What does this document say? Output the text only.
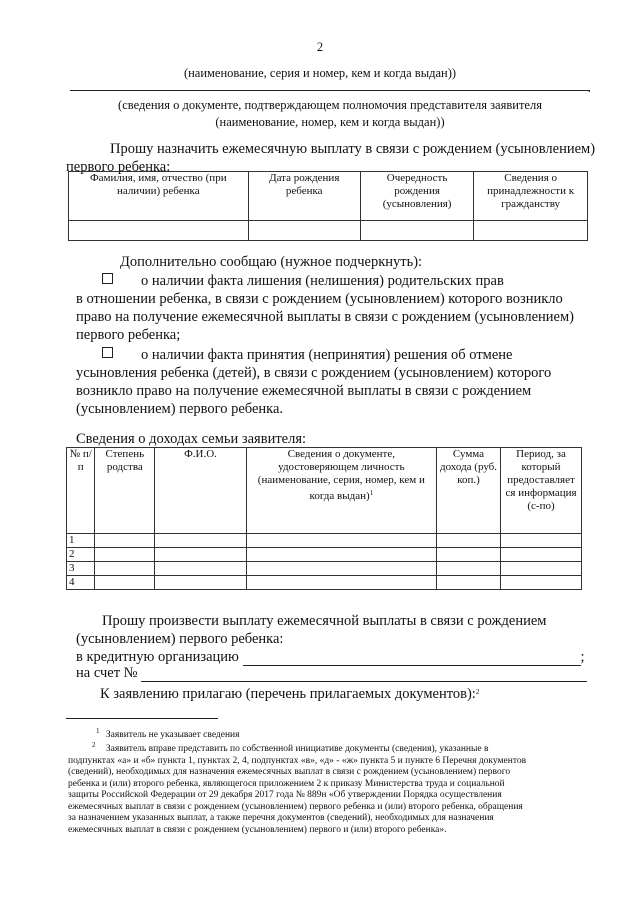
2
(наименование, серия и номер, кем и когда выдан))
.
(сведения о документе, подтверждающем полномочия представителя заявителя
(наименование, номер, кем и когда выдан))
Прошу назначить ежемесячную выплату в связи с рождением (усыновлением)
первого ребенка:
Фамилия, имя, отчество (при наличии) ребенка	Дата рождения ребенка	Очередность рождения (усыновления)	Сведения о принадлежности к гражданству

Дополнительно сообщаю (нужное подчеркнуть):
о наличии факта лишения (нелишения) родительских прав
в отношении ребенка, в связи с рождением (усыновлением) которого возникло
право на получение ежемесячной выплаты в связи с рождением (усыновлением)
первого ребенка;
о наличии факта принятия (непринятия) решения об отмене
усыновления ребенка (детей), в связи с рождением (усыновлением) которого
возникло право на получение ежемесячной выплаты в связи с рождением
(усыновлением) первого ребенка.
Сведения о доходах семьи заявителя:
№ п/п	Степень родства	Ф.И.О.	Сведения о документе, удостоверяющем личность (наименование, серия, номер, кем и когда выдан)$^1$	Сумма дохода (руб. коп.)	Период, за который предоставляет ся информация (с-по)
1					
2					
3					
4					
Прошу произвести выплату ежемесячной выплаты в связи с рождением
(усыновлением) первого ребенка:
в кредитную организацию	;
на счет №
К заявлению прилагаю (перечень прилагаемых документов):$^2$
$^1$ Заявитель не указывает сведения
$^2$ Заявитель вправе представить по собственной инициативе документы (сведения), указанные в
подпунктах «а» и «б» пункта 1, пунктах 2, 4, подпунктах «в», «д» - «ж» пункта 5 и пункте 6 Перечня документов
(сведений), необходимых для назначения ежемесячных выплат в связи с рождением (усыновлением) первого
ребенка и (или) второго ребенка, являющегося приложением 2 к приказу Министерства труда и социальной
защиты Российской Федерации от 29 декабря 2017 года № 889н «Об утверждении Порядка осуществления
ежемесячных выплат в связи с рождением (усыновлением) первого ребенка и (или) второго ребенка, обращения
за назначением указанных выплат, а также перечня документов (сведений), необходимых для назначения
ежемесячных выплат в связи с рождением (усыновлением) первого и (или) второго ребенка».
